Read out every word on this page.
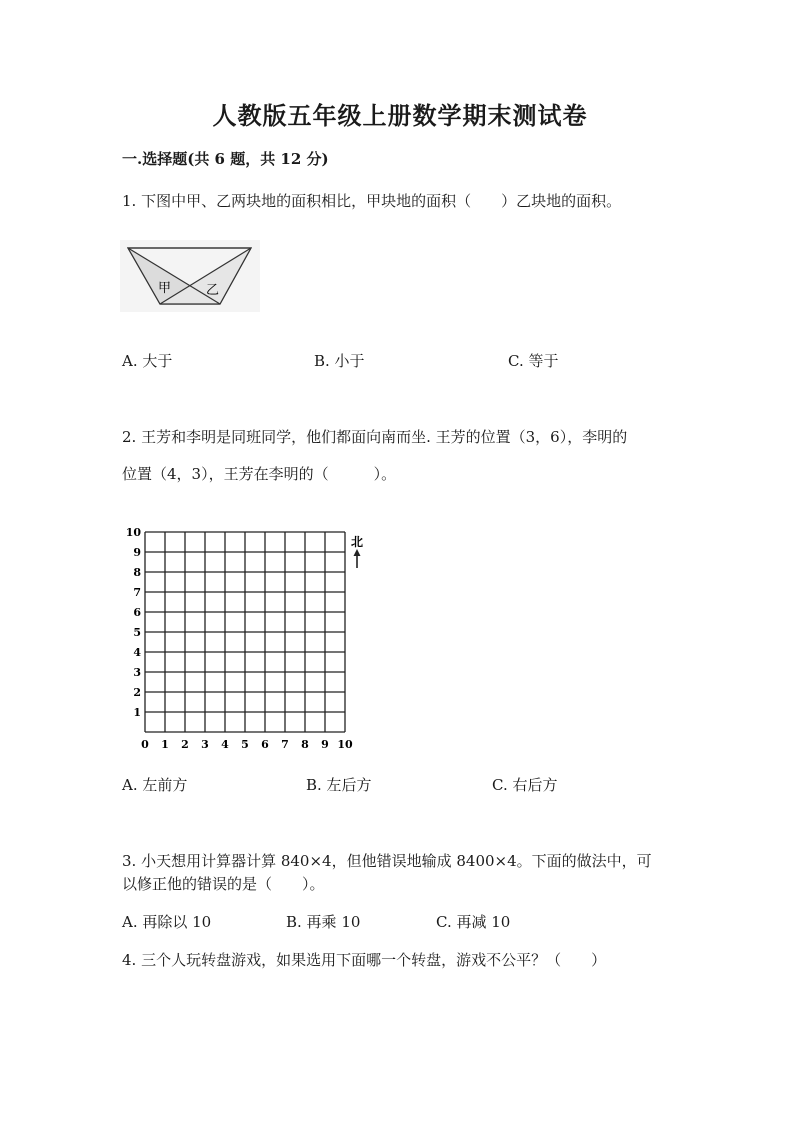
人教版五年级上册数学期末测试卷
一.选择题(共 6 题，共 12 分)
1. 下图中甲、乙两块地的面积相比，甲块地的面积（　　）乙块地的面积。
甲	乙
A. 大于	B. 小于	C. 等于
2. 王芳和李明是同班同学，他们都面向南而坐. 王芳的位置（3，6），李明的
位置（4，3），王芳在李明的（　　　）。
0 1 2 3 4 5 6 7 8 9 10
1
2
3
4
5
6
7
8
9
10
北
A. 左前方	B. 左后方	C. 右后方
3. 小天想用计算器计算 840×4，但他错误地输成 8400×4。下面的做法中，可
以修正他的错误的是（　　）。
A. 再除以 10	B. 再乘 10	C. 再减 10
4. 三个人玩转盘游戏，如果选用下面哪一个转盘，游戏不公平？（　　）
